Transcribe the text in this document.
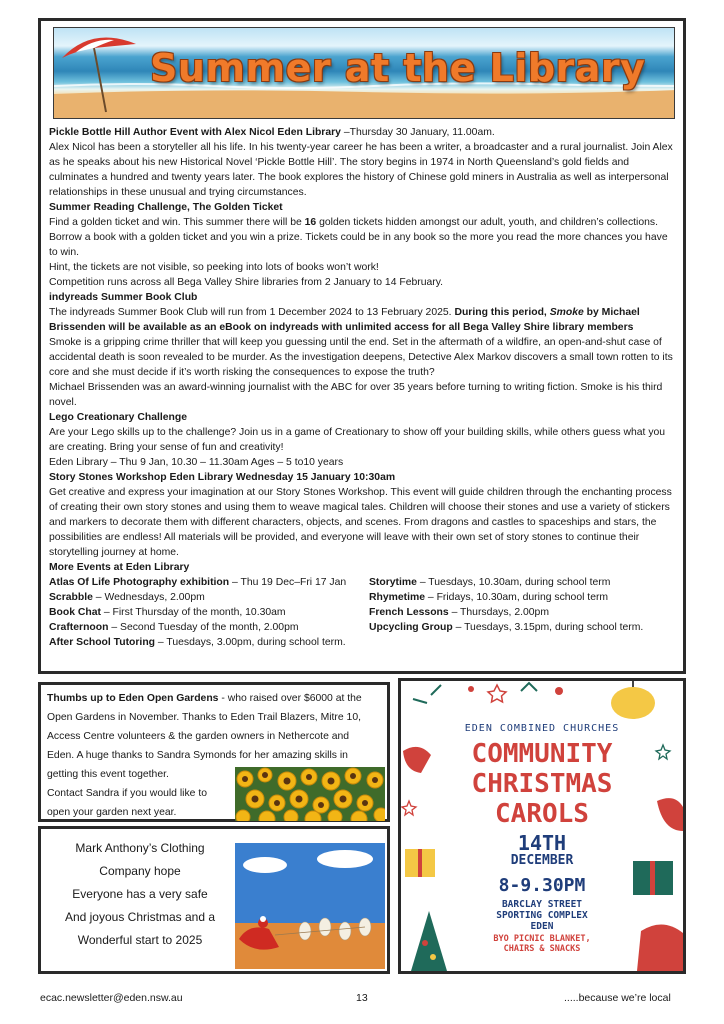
Summer at the Library

Pickle Bottle Hill Author Event with Alex Nicol Eden Library –Thursday 30 January, 11.00am.

Alex Nicol has been a storyteller all his life. In his twenty-year career he has been a writer, a broadcaster and a rural journalist. Join Alex as he speaks about his new Historical Novel ‘Pickle Bottle Hill’. The story begins in 1974 in North Queensland’s gold fields and culminates a hundred and twenty years later. The book explores the history of Chinese gold miners in Australia as well as interpersonal relationships in these unusual and trying circumstances.

Summer Reading Challenge, The Golden Ticket

Find a golden ticket and win. This summer there will be 16 golden tickets hidden amongst our adult, youth, and children’s collections. Borrow a book with a golden ticket and you win a prize. Tickets could be in any book so the more you read the more chances you have to win.

Hint, the tickets are not visible, so peeking into lots of books won’t work!

Competition runs across all Bega Valley Shire libraries from 2 January to 14 February.

indyreads Summer Book Club

The indyreads Summer Book Club will run from 1 December 2024 to 13 February 2025. During this period, Smoke by Michael Brissenden will be available as an eBook on indyreads with unlimited access for all Bega Valley Shire library members

Smoke is a gripping crime thriller that will keep you guessing until the end. Set in the aftermath of a wildfire, an open-and-shut case of accidental death is soon revealed to be murder. As the investigation deepens, Detective Alex Markov discovers a small town rotten to its core and she must decide if it’s worth risking the consequences to expose the truth?

Michael Brissenden was an award-winning journalist with the ABC for over 35 years before turning to writing fiction. Smoke is his third novel.

Lego Creationary Challenge

Are your Lego skills up to the challenge? Join us in a game of Creationary to show off your building skills, while others guess what you are creating. Bring your sense of fun and creativity!

Eden Library – Thu 9 Jan, 10.30 – 11.30am Ages – 5 to10 years

Story Stones Workshop Eden Library Wednesday 15 January 10:30am

Get creative and express your imagination at our Story Stones Workshop. This event will guide children through the enchanting process of creating their own story stones and using them to weave magical tales. Children will choose their stones and use a variety of stickers and markers to decorate them with different characters, objects, and scenes. From dragons and castles to spaceships and stars, the possibilities are endless! All materials will be provided, and everyone will leave with their own set of story stones to continue their storytelling journey at home.

More Events at Eden Library

Atlas Of Life Photography exhibition – Thu 19 Dec–Fri 17 Jan	Storytime – Tuesdays, 10.30am, during school term
Scrabble – Wednesdays, 2.00pm	Rhymetime – Fridays, 10.30am, during school term
Book Chat – First Thursday of the month, 10.30am	French Lessons – Thursdays, 2.00pm
Crafternoon – Second Tuesday of the month, 2.00pm	Upcycling Group – Tuesdays, 3.15pm, during school term.
After School Tutoring – Tuesdays, 3.00pm, during school term.

Thumbs up to Eden Open Gardens - who raised over $6000 at the

Open Gardens in November. Thanks to Eden Trail Blazers, Mitre 10,

Access Centre volunteers & the garden owners in Nethercote and

Eden. A huge thanks to Sandra Symonds for her amazing skills in

getting this event together.

Contact Sandra if you would like to

open your garden next year.

Mark Anthony’s Clothing

Company hope

Everyone has a very safe

And joyous Christmas and a

Wonderful start to 2025

EDEN COMBINED CHURCHES
COMMUNITY
CHRISTMAS
CAROLS
14TH
DECEMBER
8-9.30PM
BARCLAY STREET
SPORTING COMPLEX
EDEN
BYO PICNIC BLANKET,
CHAIRS & SNACKS
ecac.newsletter@eden.nsw.au	13	.....because we’re local
